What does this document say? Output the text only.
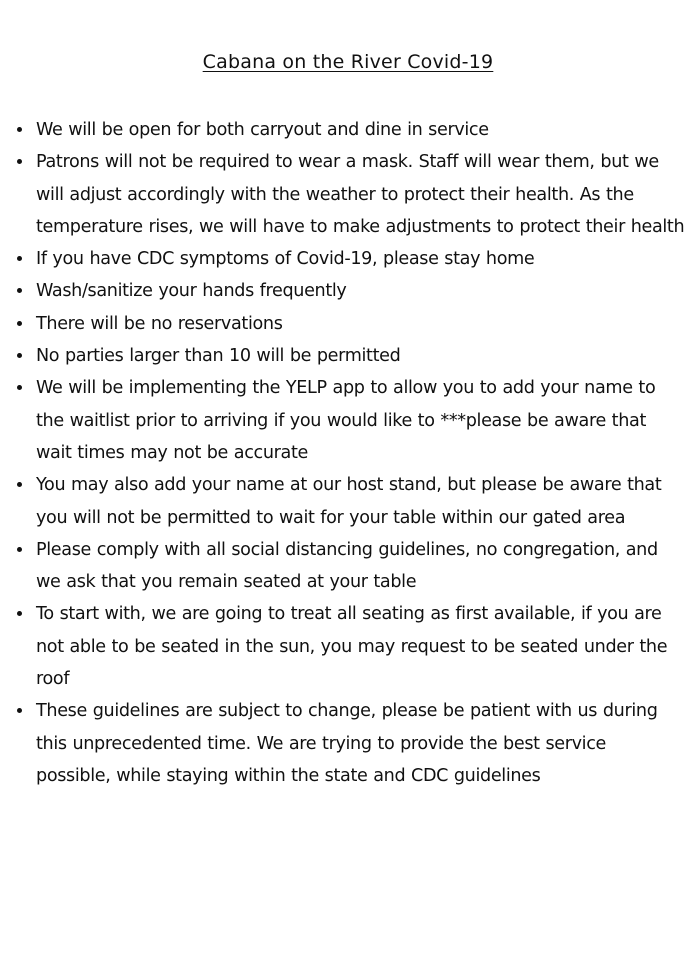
Cabana on the River Covid-19
We will be open for both carryout and dine in service
Patrons will not be required to wear a mask. Staff will wear them, but we will adjust accordingly with the weather to protect their health. As the temperature rises, we will have to make adjustments to protect their health
If you have CDC symptoms of Covid-19, please stay home
Wash/sanitize your hands frequently
There will be no reservations
No parties larger than 10 will be permitted
We will be implementing the YELP app to allow you to add your name to the waitlist prior to arriving if you would like to ***please be aware that wait times may not be accurate
You may also add your name at our host stand, but please be aware that you will not be permitted to wait for your table within our gated area
Please comply with all social distancing guidelines, no congregation, and we ask that you remain seated at your table
To start with, we are going to treat all seating as first available, if you are not able to be seated in the sun, you may request to be seated under the roof
These guidelines are subject to change, please be patient with us during this unprecedented time. We are trying to provide the best service possible, while staying within the state and CDC guidelines
